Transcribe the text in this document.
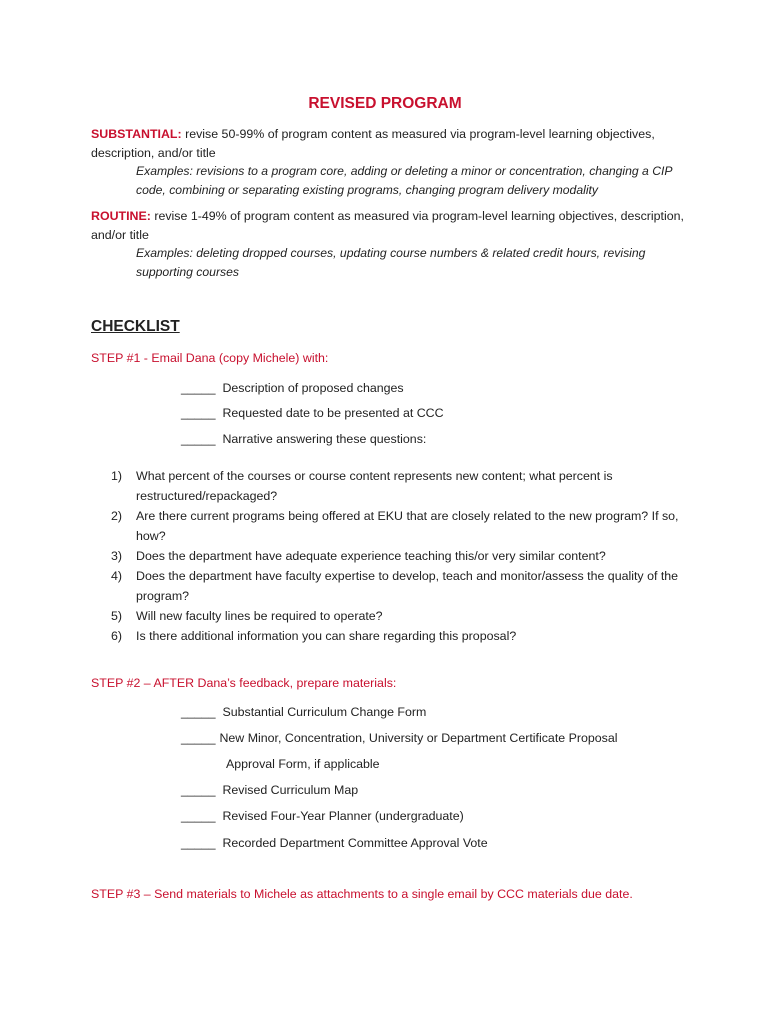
REVISED PROGRAM
SUBSTANTIAL: revise 50-99% of program content as measured via program-level learning objectives, description, and/or title
Examples: revisions to a program core, adding or deleting a minor or concentration, changing a CIP code, combining or separating existing programs, changing program delivery modality
ROUTINE: revise 1-49% of program content as measured via program-level learning objectives, description, and/or title
Examples: deleting dropped courses, updating course numbers & related credit hours, revising supporting courses
CHECKLIST
STEP #1 - Email Dana (copy Michele) with:
_____ Description of proposed changes
_____ Requested date to be presented at CCC
_____ Narrative answering these questions:
1) What percent of the courses or course content represents new content; what percent is restructured/repackaged?
2) Are there current programs being offered at EKU that are closely related to the new program? If so, how?
3) Does the department have adequate experience teaching this/or very similar content?
4) Does the department have faculty expertise to develop, teach and monitor/assess the quality of the program?
5) Will new faculty lines be required to operate?
6) Is there additional information you can share regarding this proposal?
STEP #2 – AFTER Dana’s feedback, prepare materials:
_____ Substantial Curriculum Change Form
_____ New Minor, Concentration, University or Department Certificate Proposal
Approval Form, if applicable
_____ Revised Curriculum Map
_____ Revised Four-Year Planner (undergraduate)
_____ Recorded Department Committee Approval Vote
STEP #3 – Send materials to Michele as attachments to a single email by CCC materials due date.
